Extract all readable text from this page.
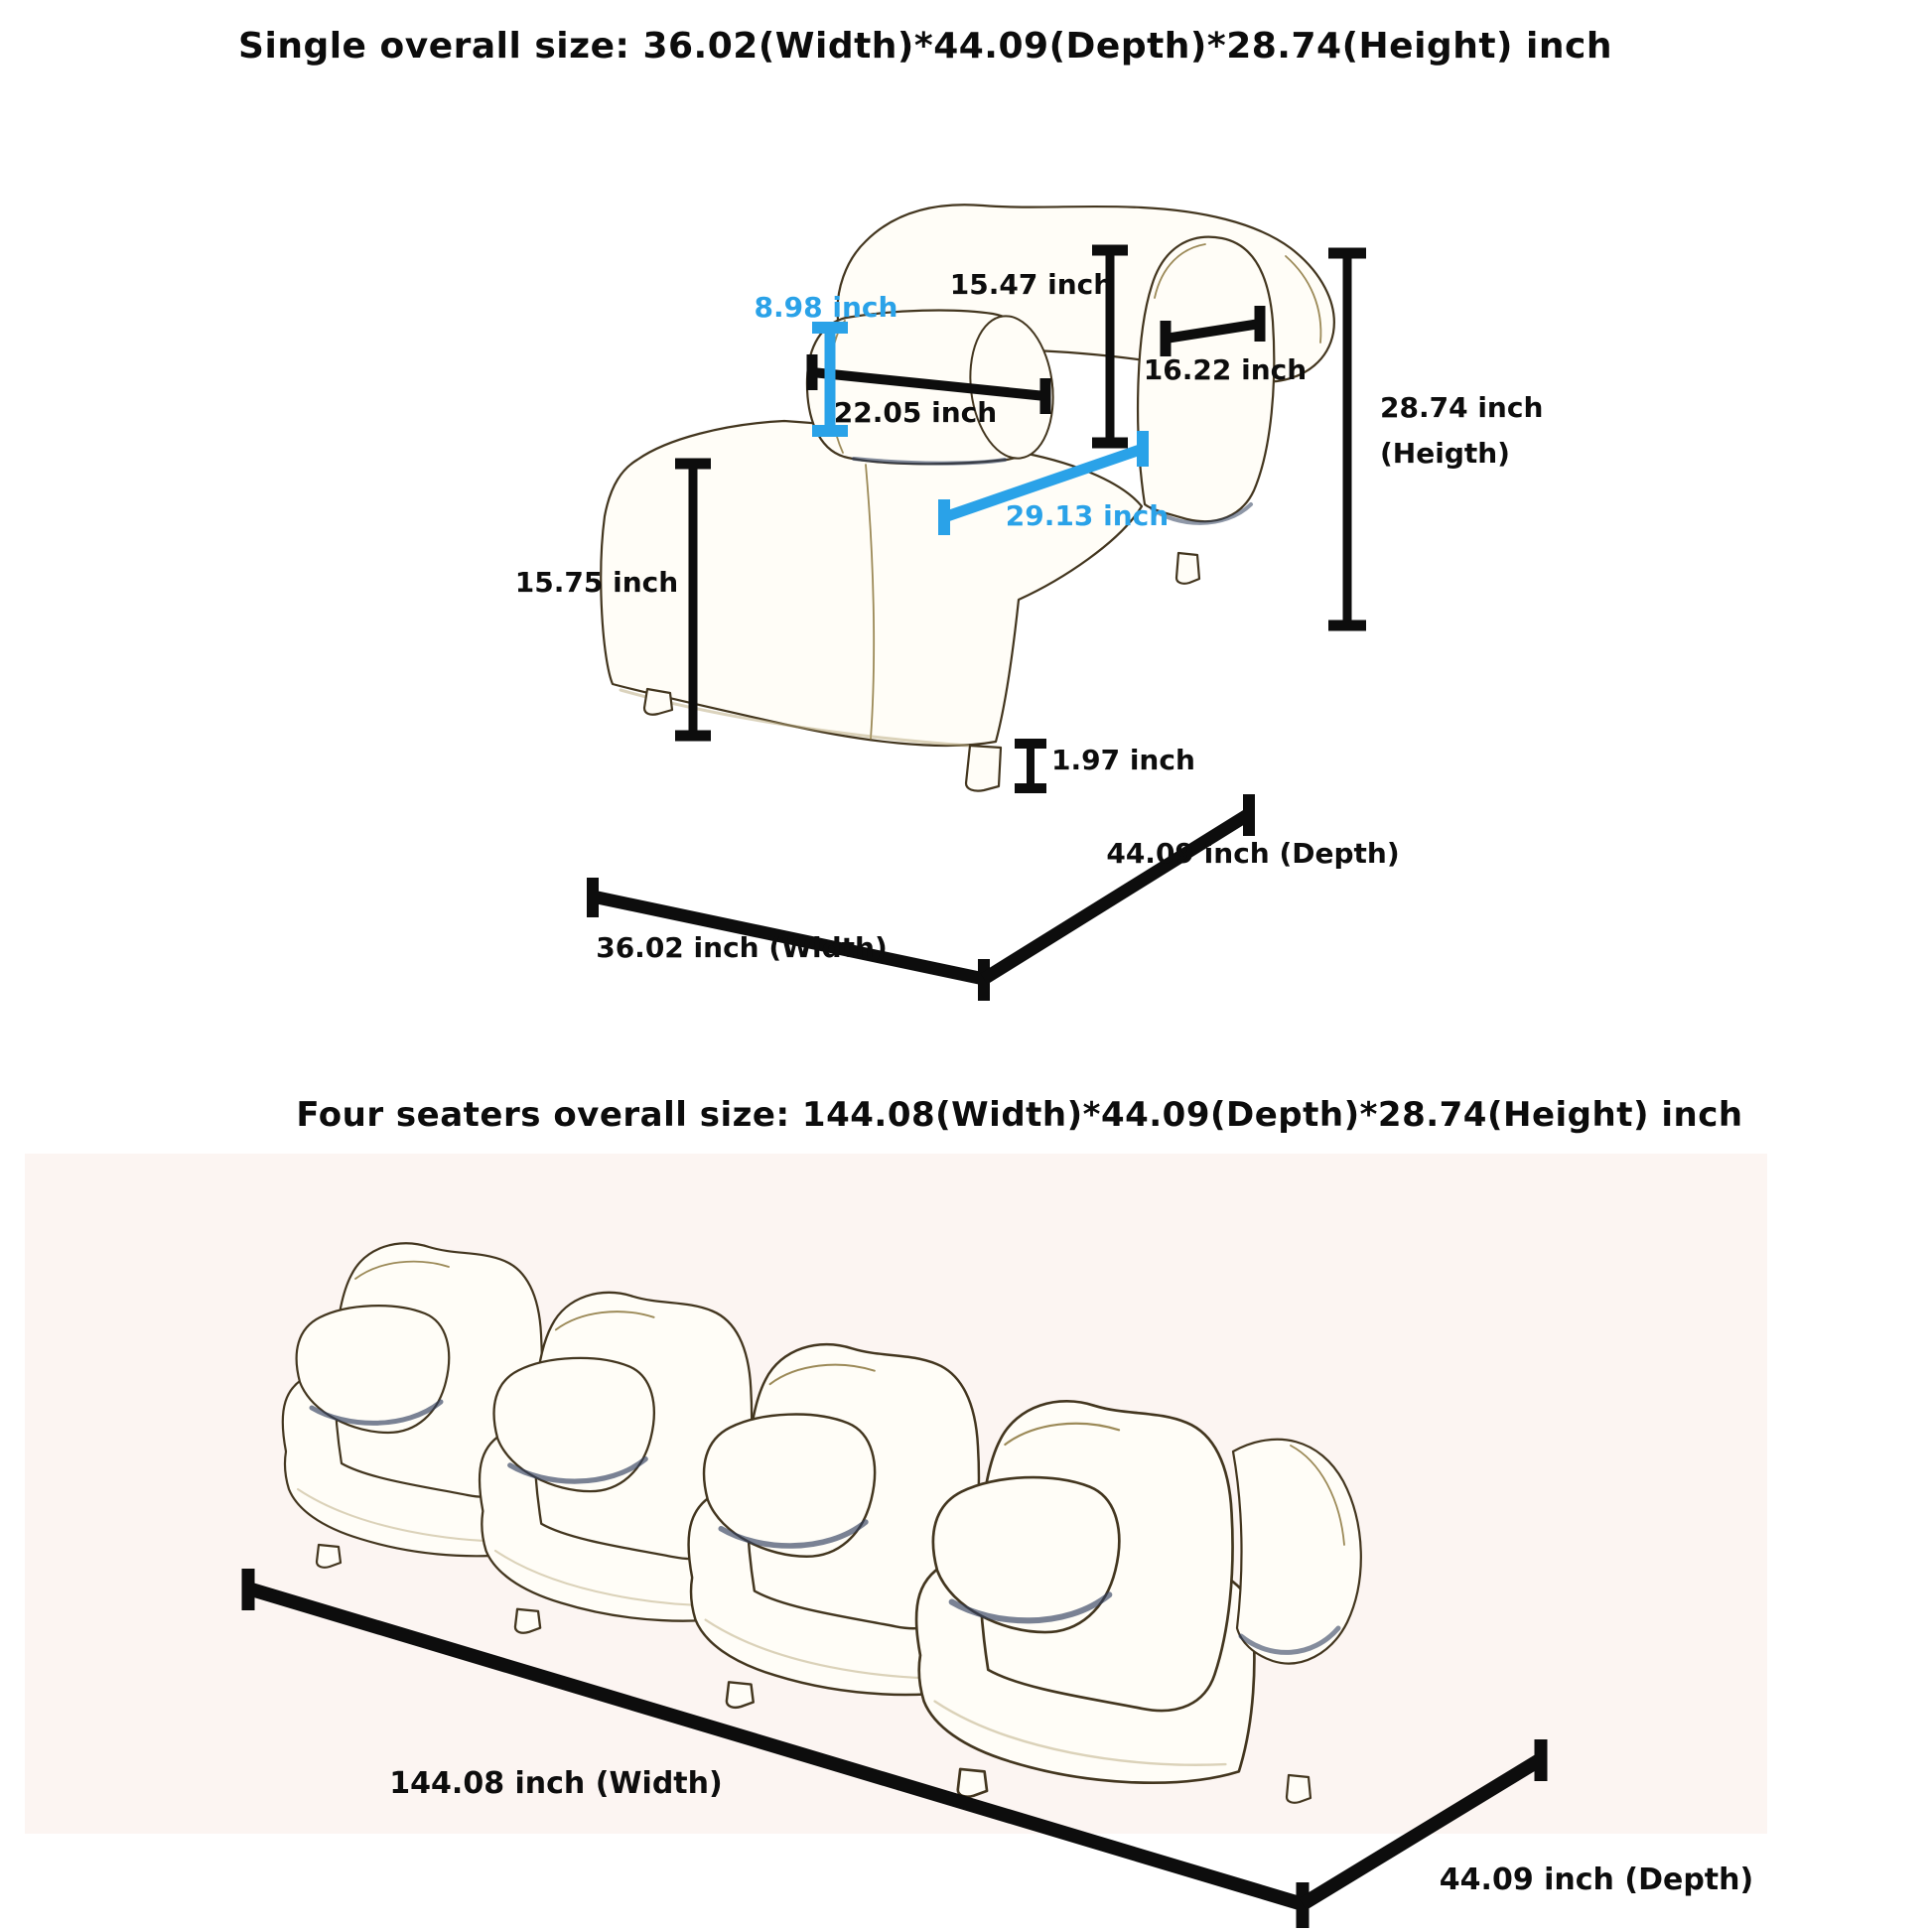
Single overall size: 36.02(Width)*44.09(Depth)*28.74(Height) inch
8.98 inch
15.47 inch
22.05 inch
16.22 inch
28.74 inch
(Heigth)
29.13 inch
15.75 inch
1.97 inch
36.02 inch (Width)
44.09 inch (Depth)
Four seaters overall size: 144.08(Width)*44.09(Depth)*28.74(Height) inch
144.08 inch (Width)
44.09 inch (Depth)
